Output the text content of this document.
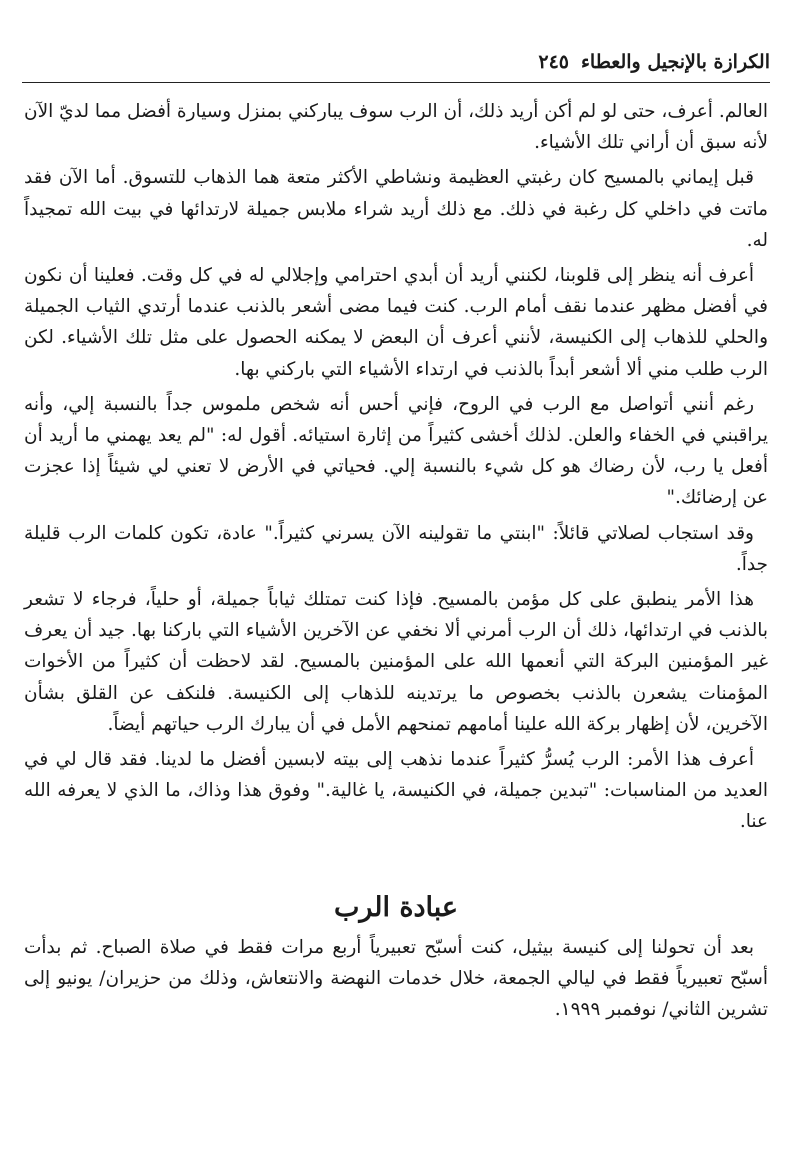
الكرازة بالإنجيل والعطاء
٢٤٥

العالم. أعرف، حتى لو لم أكن أريد ذلك، أن الرب سوف يباركني بمنزل وسيارة أفضل مما لديّ الآن لأنه سبق أن أراني تلك الأشياء.

قبل إيماني بالمسيح كان رغبتي العظيمة ونشاطي الأكثر متعة هما الذهاب للتسوق. أما الآن فقد ماتت في داخلي كل رغبة في ذلك. مع ذلك أريد شراء ملابس جميلة لارتدائها في بيت الله تمجيداً له.

أعرف أنه ينظر إلى قلوبنا، لكنني أريد أن أبدي احترامي وإجلالي له في كل وقت. فعلينا أن نكون في أفضل مظهر عندما نقف أمام الرب. كنت فيما مضى أشعر بالذنب عندما أرتدي الثياب الجميلة والحلي للذهاب إلى الكنيسة، لأنني أعرف أن البعض لا يمكنه الحصول على مثل تلك الأشياء. لكن الرب طلب مني ألا أشعر أبداً بالذنب في ارتداء الأشياء التي باركني بها.

رغم أنني أتواصل مع الرب في الروح، فإني أحس أنه شخص ملموس جداً بالنسبة إلي، وأنه يراقبني في الخفاء والعلن. لذلك أخشى كثيراً من إثارة استيائه. أقول له: "لم يعد يهمني ما أريد أن أفعل يا رب، لأن رضاك هو كل شيء بالنسبة إلي. فحياتي في الأرض لا تعني لي شيئاً إذا عجزت عن إرضائك."

وقد استجاب لصلاتي قائلاً: "ابنتي ما تقولينه الآن يسرني كثيراً." عادة، تكون كلمات الرب قليلة جداً.

هذا الأمر ينطبق على كل مؤمن بالمسيح. فإذا كنت تمتلك ثياباً جميلة، أو حلياً، فرجاء لا تشعر بالذنب في ارتدائها، ذلك أن الرب أمرني ألا نخفي عن الآخرين الأشياء التي باركنا بها. جيد أن يعرف غير المؤمنين البركة التي أنعمها الله على المؤمنين بالمسيح. لقد لاحظت أن كثيراً من الأخوات المؤمنات يشعرن بالذنب بخصوص ما يرتدينه للذهاب إلى الكنيسة. فلنكف عن القلق بشأن الآخرين، لأن إظهار بركة الله علينا أمامهم تمنحهم الأمل في أن يبارك الرب حياتهم أيضاً.

أعرف هذا الأمر: الرب يُسرُّ كثيراً عندما نذهب إلى بيته لابسين أفضل ما لدينا. فقد قال لي في العديد من المناسبات: "تبدين جميلة، في الكنيسة، يا غالية." وفوق هذا وذاك، ما الذي لا يعرفه الله عنا.

عبادة الرب

بعد أن تحولنا إلى كنيسة بيثيل، كنت أسبّح تعبيرياً أربع مرات فقط في صلاة الصباح. ثم بدأت أسبّح تعبيرياً فقط في ليالي الجمعة، خلال خدمات النهضة والانتعاش، وذلك من حزيران/ يونيو إلى تشرين الثاني/ نوفمبر ١٩٩٩.
